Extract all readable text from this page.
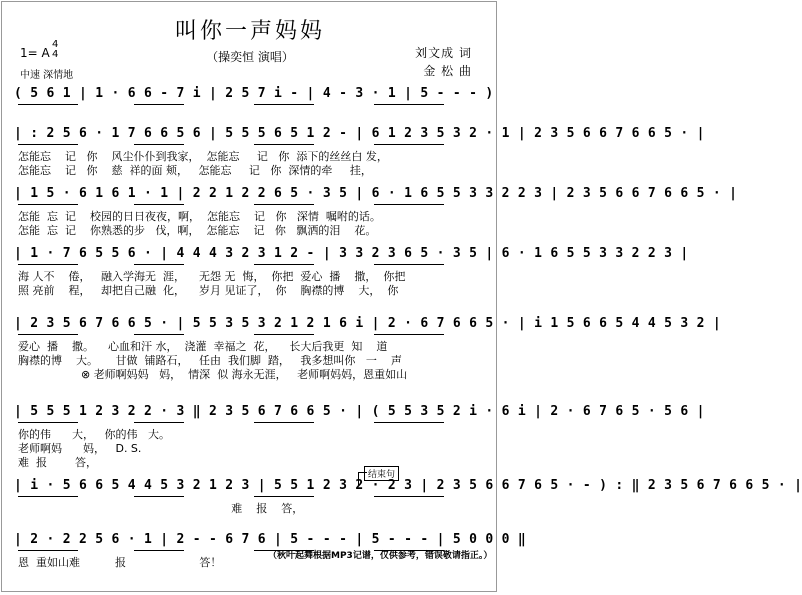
叫你一声妈妈
（操奕恒 演唱）
1= A
4
4
中速 深情地
刘文成 词
金 松 曲
( 5 6 1 | 1 · 6 6 - 7 i | 2 5 7 i - | 4 - 3 · 1 | 5 - - - )
| : 2 5 6 · 1 7 6 6 5 6 | 5 5 5 6 5 1 2 - | 6 1 2 3 5 3 2 · 1 | 2 3 5 6 6 7 6 6 5 · |
怎能忘    记   你    风尘仆仆到我家，  怎能忘     记   你  添下的丝丝白 发，
怎能忘    记   你    慈  祥的面 颊，   怎能忘     记   你  深情的牵     挂，
| 1 5 · 6 1 6 1 · 1 | 2 2 1 2 2 6 5 · 3 5 | 6 · 1 6 5 5 3 3 2 2 3 | 2 3 5 6 6 7 6 6 5 · |
怎能  忘  记    校园的日日夜夜，啊，  怎能忘    记   你   深情  嘱咐的话。
怎能  忘  记    你熟悉的步   伐，啊，  怎能忘    记   你   飘洒的泪    花。
| 1 · 7 6 5 5 6 · | 4 4 4 3 2 3 1 2 - | 3 3 2 3 6 5 · 3 5 | 6 · 1 6 5 5 3 3 2 2 3 |
海 人不    倦，   融入学海无  涯，    无怨 无  悔，  你把  爱心  播    撒，  你把
照 亮前    程，   却把自己融  化，    岁月 见证了，  你    胸襟的博    大，  你
| 2 3 5 6 7 6 6 5 · | 5 5 3 5 3 2 1 2 1 6 i | 2 · 6 7 6 6 5 · | i 1 5 6 6 5 4 4 5 3 2 |
爱心  播    撒。    心血和汗 水，  浇灌  幸福之  花，    长大后我更  知    道
胸襟的博    大。     甘做  铺路石，   任由  我们脚  踏，   我多想叫你   一    声
⊗ 老师啊妈妈   妈，  情深  似 海永无涯，   老师啊妈妈，恩重如山
| 5 5 5 1 2 3 2 2 · 3 ‖ 2 3 5 6 7 6 6 5 · | ( 5 5 3 5 2 i · 6 i | 2 · 6 7 6 5 · 5 6 |
你的伟      大，   你的伟   大。
老师啊妈      妈，   D. S.
难  报        答，
| i · 5 6 6 5 4 4 5 3 2 1 2 3 | 5 5 1 2 3 2 · 2 3 | 2 3 5 6 6 7 6 5 · - ) : ‖ 2 3 5 6 7 6 6 5 · |
难    报    答，
| 2 · 2 2 5 6 · 1 | 2 - - 6 7 6 | 5 - - - | 5 - - - | 5 0 0 0 ‖
恩  重如山难          报                     答！
结束句
（秋叶起舞根据MP3记谱，仅供参考，错误敬请指正。）
